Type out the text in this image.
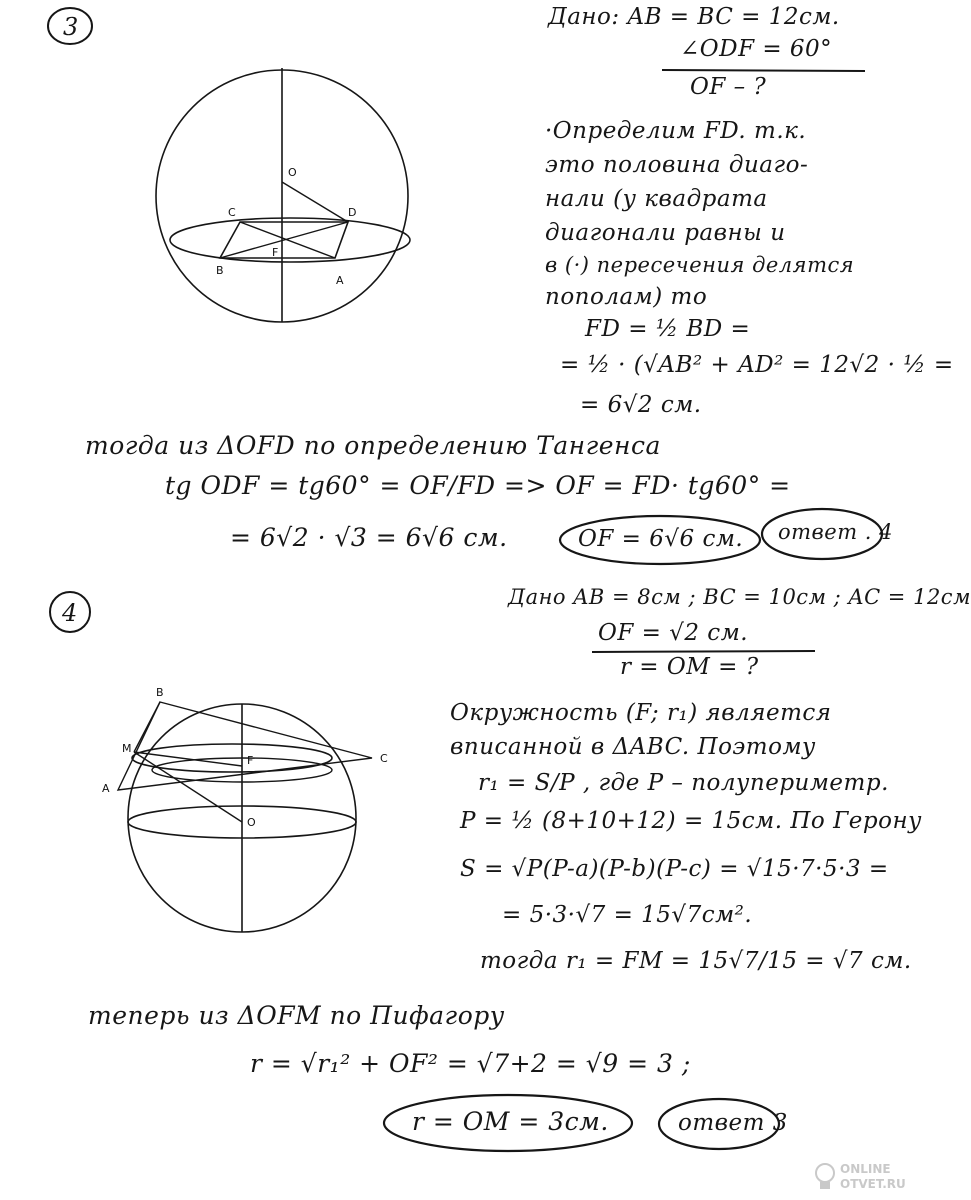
3
O
C	D
F
B
A

Дано: AB = BC = 12см.

∠ODF = 60°

OF – ?

·Определим FD. т.к.

это половина диаго-

нали (у квадрата

диагонали равны и

в (·) пересечения делятся

пополам) то

FD = ½ BD =

= ½ · (√AB² + AD² = 12√2 · ½ =

= 6√2 см.

тогда из ΔOFD по определению Тангенса

tg ODF = tg60° = OF/FD => OF = FD· tg60° =

= 6√2 · √3 = 6√6 см.	OF = 6√6 см. ответ . 4

4

Дано AB = 8см ; BC = 10см ; AC = 12см

OF = √2 см.

r = OM = ?

B
M
F	C
A
O

Окружность (F; r₁) является

вписанной в ΔABC. Поэтому

r₁ = S/P , где P – полупериметр.

P = ½ (8+10+12) = 15см. По Герону

S = √P(P-a)(P-b)(P-c) = √15·7·5·3 =

= 5·3·√7 = 15√7см².

тогда r₁ = FM = 15√7/15 = √7 см.

теперь из ΔOFM по Пифагору

r = √r₁² + OF² = √7+2 = √9 = 3 ;

r = OM = 3см.	ответ 3

ONLINE
OTVET.RU
